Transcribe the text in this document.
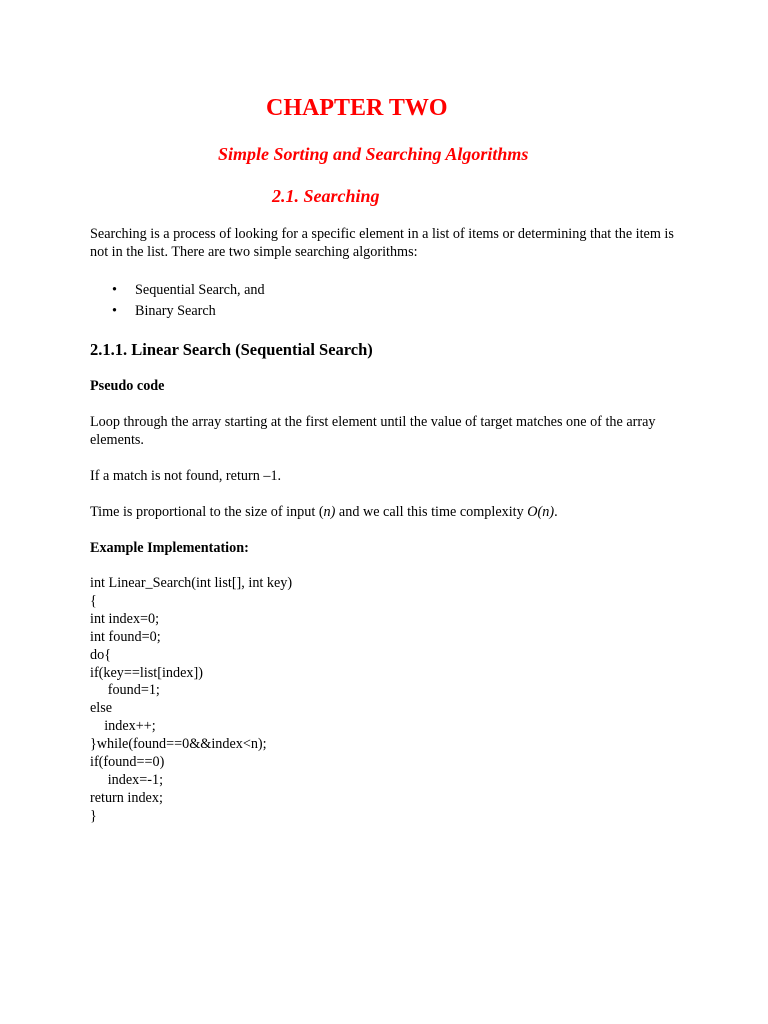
CHAPTER TWO
Simple Sorting and Searching Algorithms
2.1. Searching

Searching is a process of looking for a specific element in a list of items or determining that the item is not in the list. There are two simple searching algorithms:

• Sequential Search, and
• Binary Search
2.1.1. Linear Search (Sequential Search)

Pseudo code

Loop through the array starting at the first element until the value of target matches one of the array elements.

If a match is not found, return –1.

Time is proportional to the size of input (n) and we call this time complexity O(n).

Example Implementation:

int Linear_Search(int list[], int key)
{
int index=0;
int found=0;
do{
if(key==list[index])
found=1;
else
index++;
}while(found==0&&index<n);
if(found==0)
index=-1;
return index;
}
